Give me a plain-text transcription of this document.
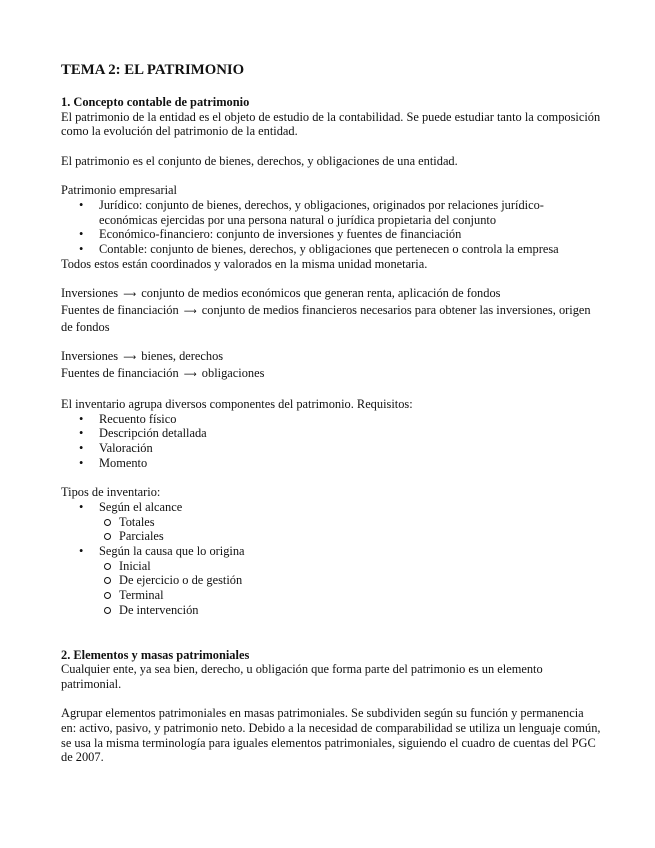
TEMA 2: EL PATRIMONIO
1. Concepto contable de patrimonio

El patrimonio de la entidad es el objeto de estudio de la contabilidad. Se puede estudiar tanto la composición como la evolución del patrimonio de la entidad.

El patrimonio es el conjunto de bienes, derechos, y obligaciones de una entidad.

Patrimonio empresarial

• Jurídico: conjunto de bienes, derechos, y obligaciones, originados por relaciones jurídico-económicas ejercidas por una persona natural o jurídica propietaria del conjunto
• Económico-financiero: conjunto de inversiones y fuentes de financiación
• Contable: conjunto de bienes, derechos, y obligaciones que pertenecen o controla la empresa

Todos estos están coordinados y valorados en la misma unidad monetaria.

Inversiones ⟶ conjunto de medios económicos que generan renta, aplicación de fondos

Fuentes de financiación ⟶ conjunto de medios financieros necesarios para obtener las inversiones, origen de fondos

Inversiones ⟶ bienes, derechos

Fuentes de financiación ⟶ obligaciones

El inventario agrupa diversos componentes del patrimonio. Requisitos:

• Recuento físico
• Descripción detallada
• Valoración
• Momento

Tipos de inventario:

• Según el alcance
Totales
Parciales
• Según la causa que lo origina
Inicial
De ejercicio o de gestión
Terminal
De intervención
2. Elementos y masas patrimoniales

Cualquier ente, ya sea bien, derecho, u obligación que forma parte del patrimonio es un elemento patrimonial.

Agrupar elementos patrimoniales en masas patrimoniales. Se subdividen según su función y permanencia en: activo, pasivo, y patrimonio neto. Debido a la necesidad de comparabilidad se utiliza un lenguaje común, se usa la misma terminología para iguales elementos patrimoniales, siguiendo el cuadro de cuentas del PGC de 2007.
